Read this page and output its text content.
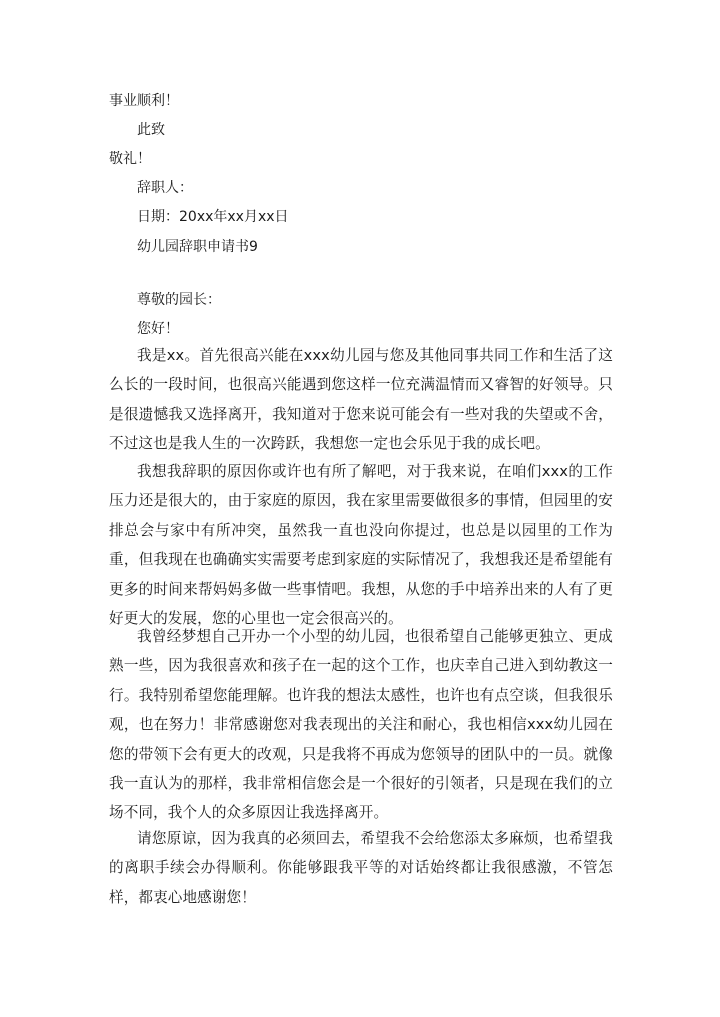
事业顺利！
此致
敬礼！
辞职人：
日期：20xx年xx月xx日
幼儿园辞职申请书9
尊敬的园长：
您好！
我是xx。首先很高兴能在xxx幼儿园与您及其他同事共同工作和生活了这么长的一段时间，也很高兴能遇到您这样一位充满温情而又睿智的好领导。只是很遗憾我又选择离开，我知道对于您来说可能会有一些对我的失望或不舍，不过这也是我人生的一次跨跃，我想您一定也会乐见于我的成长吧。
我想我辞职的原因你或许也有所了解吧，对于我来说，在咱们xxx的工作压力还是很大的，由于家庭的原因，我在家里需要做很多的事情，但园里的安排总会与家中有所冲突，虽然我一直也没向你提过，也总是以园里的工作为重，但我现在也确确实实需要考虑到家庭的实际情况了，我想我还是希望能有更多的时间来帮妈妈多做一些事情吧。我想，从您的手中培养出来的人有了更好更大的发展，您的心里也一定会很高兴的。
我曾经梦想自己开办一个小型的幼儿园，也很希望自己能够更独立、更成熟一些，因为我很喜欢和孩子在一起的这个工作，也庆幸自己进入到幼教这一行。我特别希望您能理解。也许我的想法太感性，也许也有点空谈，但我很乐观，也在努力！非常感谢您对我表现出的关注和耐心，我也相信xxx幼儿园在您的带领下会有更大的改观，只是我将不再成为您领导的团队中的一员。就像我一直认为的那样，我非常相信您会是一个很好的引领者，只是现在我们的立场不同，我个人的众多原因让我选择离开。
请您原谅，因为我真的必须回去，希望我不会给您添太多麻烦，也希望我的离职手续会办得顺利。你能够跟我平等的对话始终都让我很感激，不管怎样，都衷心地感谢您！
